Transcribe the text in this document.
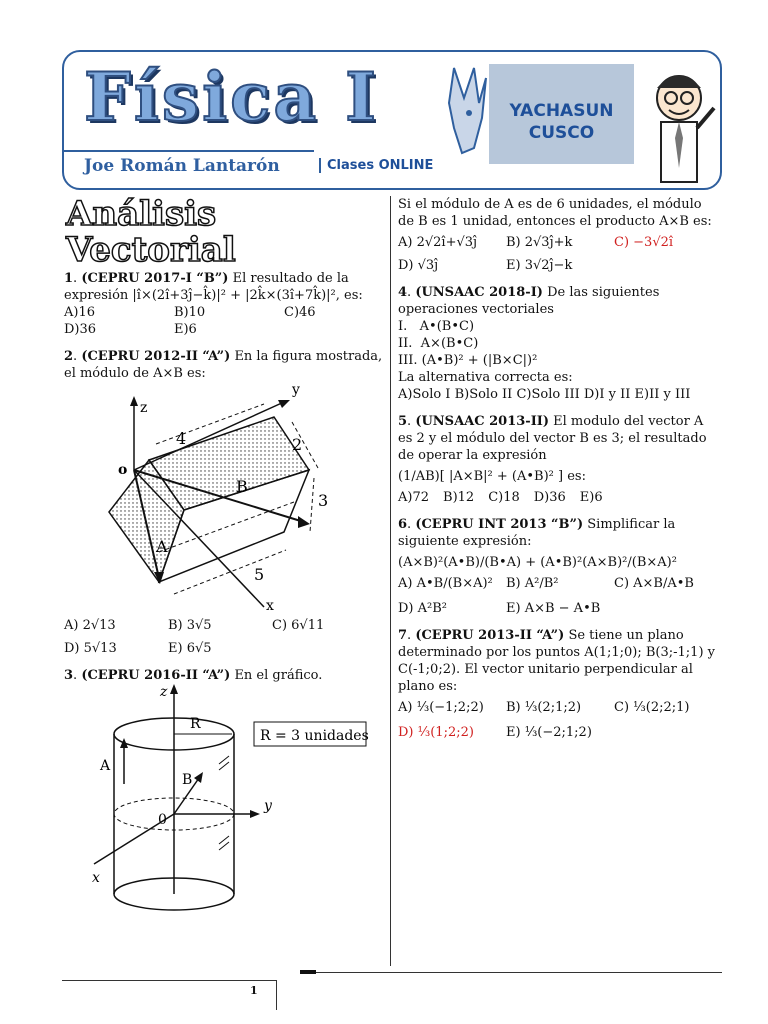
Física I
Joe Román Lantarón	Clases ONLINE
YACHASUN
CUSCO
Análisis Vectorial
1. (CEPRU 2017-I “B”) El resultado de la expresión |î×(2î+3ĵ−k̂)|² + |2k̂×(3î+7k̂)|², es:
A)16	B)10	C)46
D)36	E)6
2. (CEPRU 2012-II “A”) En la figura mostrada, el módulo de A×B es:
z
y
x
o
A
B
4	2
3
5
A) 2√13	B) 3√5	C) 6√11
D) 5√13	E) 6√5
3. (CEPRU 2016-II “A”) En el gráfico.
z
y
x
0
R
A
B
R = 3 unidades
Si el módulo de A es de 6 unidades, el módulo de B es 1 unidad, entonces el producto A×B es:
A) 2√2î+√3ĵ	B) 2√3ĵ+k	C) −3√2î
D) √3ĵ	E) 3√2ĵ−k
4. (UNSAAC 2018-I) De las siguientes operaciones vectoriales
I.   A•(B•C)
II.  A×(B•C)
III. (A•B)² + (|B×C|)²
La alternativa correcta es:
A)Solo I B)Solo II C)Solo III D)I y II E)II y III
5. (UNSAAC 2013-II) El modulo del vector A es 2 y el módulo del vector B es 3; el resultado de operar la expresión
(1/AB)[ |A×B|² + (A•B)² ] es:
A)72 B)12 C)18 D)36 E)6
6. (CEPRU INT 2013 “B”) Simplificar la siguiente expresión:
(A×B)²(A•B)/(B•A) + (A•B)²(A×B)²/(B×A)²
A) A•B/(B×A)²	B) A²/B²	C) A×B/A•B
D) A²B²	E) A×B − A•B
7. (CEPRU 2013-II “A”) Se tiene un plano determinado por los puntos A(1;1;0); B(3;-1;1) y C(-1;0;2). El vector unitario perpendicular al plano es:
A) ⅓(−1;2;2)	B) ⅓(2;1;2)	C) ⅓(2;2;1)
D) ⅓(1;2;2)	E) ⅓(−2;1;2)
1
